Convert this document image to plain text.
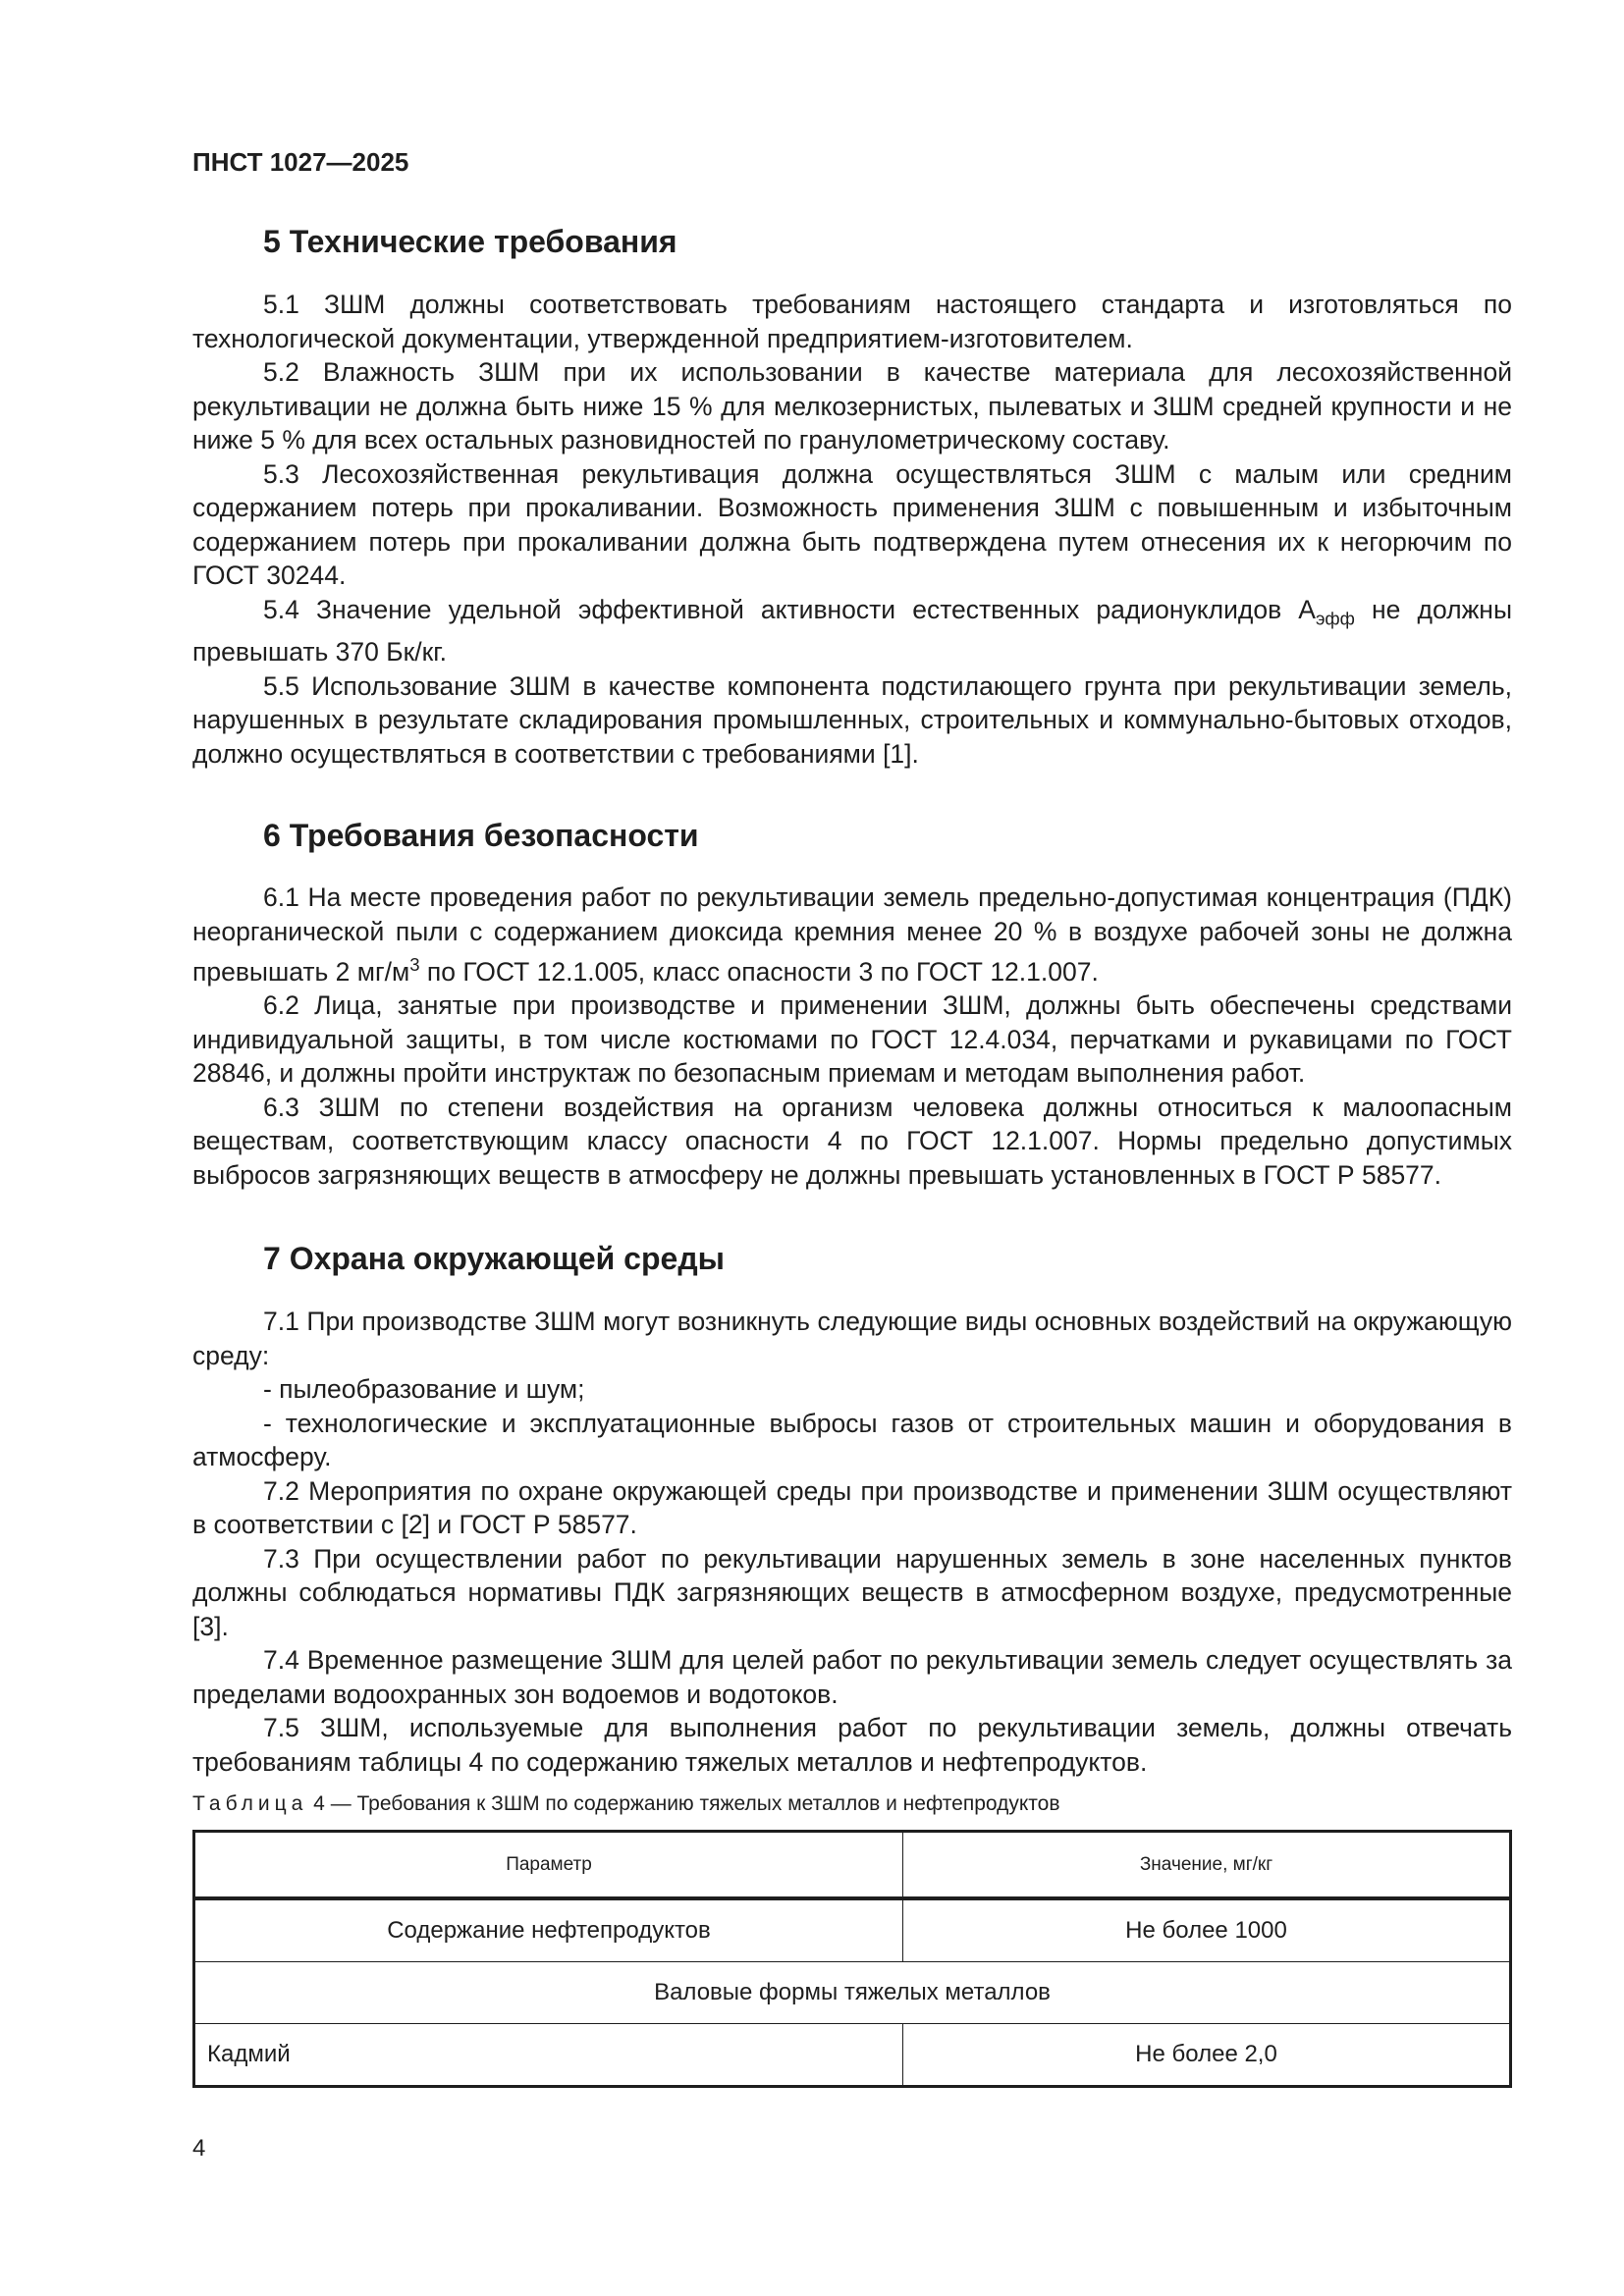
ПНСТ 1027—2025
5 Технические требования

5.1 ЗШМ должны соответствовать требованиям настоящего стандарта и изготовляться по технологической документации, утвержденной предприятием-изготовителем.

5.2 Влажность ЗШМ при их использовании в качестве материала для лесохозяйственной рекультивации не должна быть ниже 15 % для мелкозернистых, пылеватых и ЗШМ средней крупности и не ниже 5 % для всех остальных разновидностей по гранулометрическому составу.

5.3 Лесохозяйственная рекультивация должна осуществляться ЗШМ с малым или средним содержанием потерь при прокаливании. Возможность применения ЗШМ с повышенным и избыточным содержанием потерь при прокаливании должна быть подтверждена путем отнесения их к негорючим по ГОСТ 30244.

5.4 Значение удельной эффективной активности естественных радионуклидов $А_{эфф}$ не должны превышать 370 Бк/кг.

5.5 Использование ЗШМ в качестве компонента подстилающего грунта при рекультивации земель, нарушенных в результате складирования промышленных, строительных и коммунально-бытовых отходов, должно осуществляться в соответствии с требованиями [1].

6 Требования безопасности

6.1 На месте проведения работ по рекультивации земель предельно-допустимая концентрация (ПДК) неорганической пыли с содержанием диоксида кремния менее 20 % в воздухе рабочей зоны не должна превышать 2 $мг/м^3$ по ГОСТ 12.1.005, класс опасности 3 по ГОСТ 12.1.007.

6.2 Лица, занятые при производстве и применении ЗШМ, должны быть обеспечены средствами индивидуальной защиты, в том числе костюмами по ГОСТ 12.4.034, перчатками и рукавицами по ГОСТ 28846, и должны пройти инструктаж по безопасным приемам и методам выполнения работ.

6.3 ЗШМ по степени воздействия на организм человека должны относиться к малоопасным веществам, соответствующим классу опасности 4 по ГОСТ 12.1.007. Нормы предельно допустимых выбросов загрязняющих веществ в атмосферу не должны превышать установленных в ГОСТ Р 58577.

7 Охрана окружающей среды

7.1 При производстве ЗШМ могут возникнуть следующие виды основных воздействий на окружающую среду:

- пылеобразование и шум;

- технологические и эксплуатационные выбросы газов от строительных машин и оборудования в атмосферу.

7.2 Мероприятия по охране окружающей среды при производстве и применении ЗШМ осуществляют в соответствии с [2] и ГОСТ Р 58577.

7.3 При осуществлении работ по рекультивации нарушенных земель в зоне населенных пунктов должны соблюдаться нормативы ПДК загрязняющих веществ в атмосферном воздухе, предусмотренные [3].

7.4 Временное размещение ЗШМ для целей работ по рекультивации земель следует осуществлять за пределами водоохранных зон водоемов и водотоков.

7.5 ЗШМ, используемые для выполнения работ по рекультивации земель, должны отвечать требованиям таблицы 4 по содержанию тяжелых металлов и нефтепродуктов.

Таблица 4 — Требования к ЗШМ по содержанию тяжелых металлов и нефтепродуктов
Параметр	Значение, мг/кг
Содержание нефтепродуктов	Не более 1000
Валовые формы тяжелых металлов	
Кадмий	Не более 2,0
4
